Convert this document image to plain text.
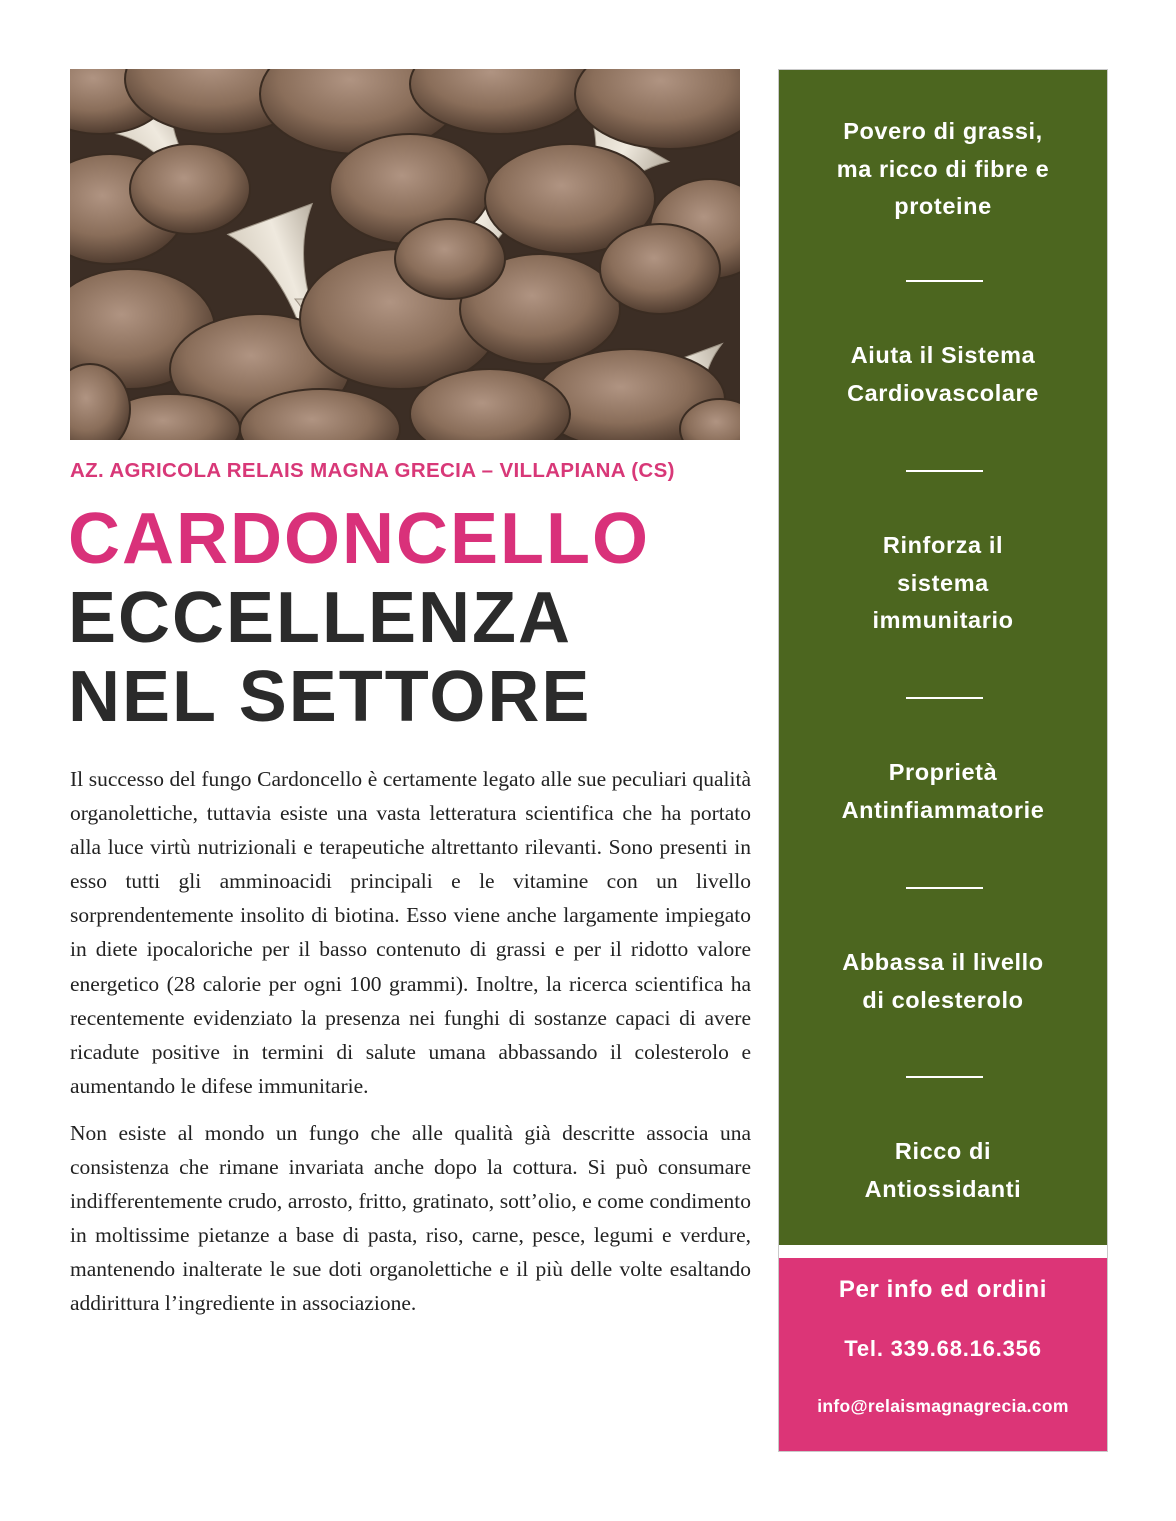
AZ. AGRICOLA RELAIS MAGNA GRECIA – VILLAPIANA (CS)
CARDONCELLO
ECCELLENZA
NEL SETTORE

Il successo del fungo Cardoncello è certamente legato alle sue peculiari qualità organolettiche, tuttavia esiste una vasta letteratura scientifica che ha portato alla luce virtù nutrizionali e terapeutiche altrettanto rilevanti. Sono presenti in esso tutti gli amminoacidi principali e le vitamine con un livello sorprendentemente insolito di biotina. Esso viene anche largamente impiegato in diete ipocaloriche per il basso contenuto di grassi e per il ridotto valore energetico (28 calorie per ogni 100 grammi). Inoltre, la ricerca scientifica ha recentemente evidenziato la presenza nei funghi di sostanze capaci di avere ricadute positive in termini di salute umana abbassando il colesterolo e aumentando le difese immunitarie.

Non esiste al mondo un fungo che alle qualità già descritte associa una consistenza che rimane invariata anche dopo la cottura. Si può consumare indifferentemente crudo, arrosto, fritto, gratinato, sott’olio, e come condimento in moltissime pietanze a base di pasta, riso, carne, pesce, legumi e verdure, mantenendo inalterate le sue doti organolettiche e il più delle volte esaltando addirittura l’ingrediente in associazione.

Povero di grassi,
ma ricco di fibre e
proteine
Aiuta il Sistema
Cardiovascolare
Rinforza il
sistema
immunitario
Proprietà
Antinfiammatorie
Abbassa il livello
di colesterolo
Ricco di
Antiossidanti
Per info ed ordini
Tel. 339.68.16.356
info@relaismagnagrecia.com
